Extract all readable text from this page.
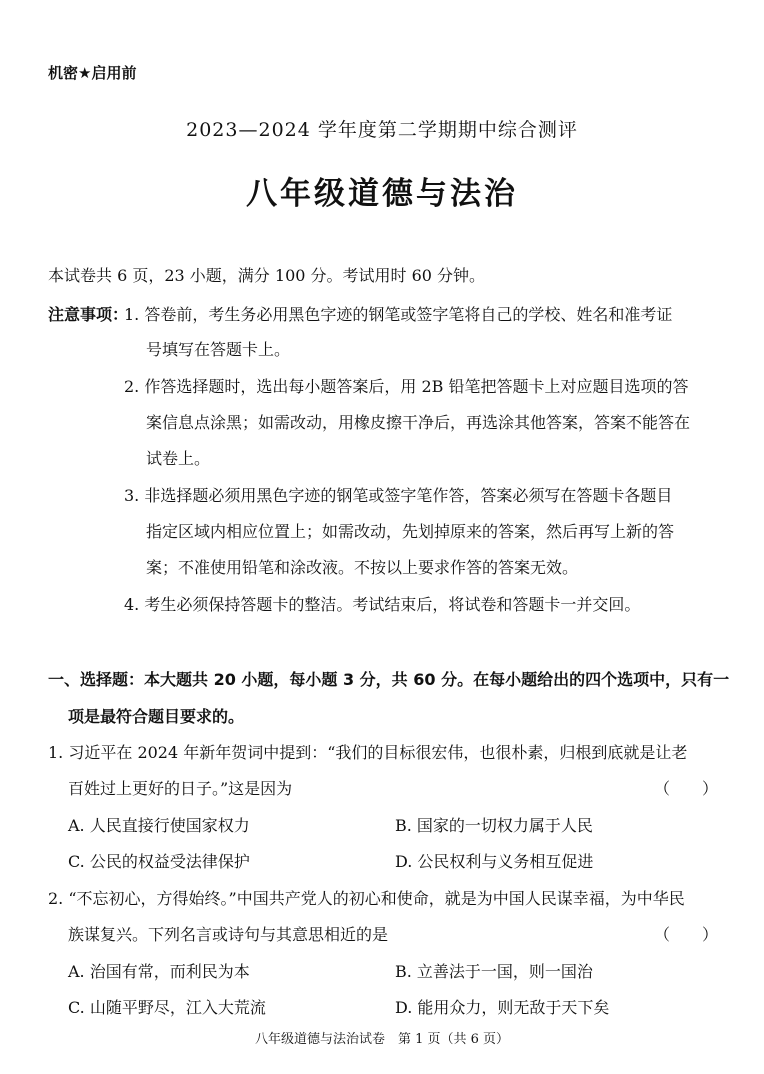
机密★启用前
2023—2024 学年度第二学期期中综合测评
八年级道德与法治
本试卷共 6 页，23 小题，满分 100 分。考试用时 60 分钟。
注意事项：
1. 答卷前，考生务必用黑色字迹的钢笔或签字笔将自己的学校、姓名和准考证
号填写在答题卡上。
2. 作答选择题时，选出每小题答案后，用 2B 铅笔把答题卡上对应题目选项的答
案信息点涂黑；如需改动，用橡皮擦干净后，再选涂其他答案，答案不能答在
试卷上。
3. 非选择题必须用黑色字迹的钢笔或签字笔作答，答案必须写在答题卡各题目
指定区域内相应位置上；如需改动，先划掉原来的答案，然后再写上新的答
案；不准使用铅笔和涂改液。不按以上要求作答的答案无效。
4. 考生必须保持答题卡的整洁。考试结束后，将试卷和答题卡一并交回。
一、选择题：本大题共 20 小题，每小题 3 分，共 60 分。在每小题给出的四个选项中，只有一
项是最符合题目要求的。
1. 习近平在 2024 年新年贺词中提到：“我们的目标很宏伟，也很朴素，归根到底就是让老
百姓过上更好的日子。”这是因为	（　　）
A. 人民直接行使国家权力	B. 国家的一切权力属于人民
C. 公民的权益受法律保护	D. 公民权利与义务相互促进
2. “不忘初心，方得始终。”中国共产党人的初心和使命，就是为中国人民谋幸福，为中华民
族谋复兴。下列名言或诗句与其意思相近的是	（　　）
A. 治国有常，而利民为本	B. 立善法于一国，则一国治
C. 山随平野尽，江入大荒流	D. 能用众力，则无敌于天下矣
八年级道德与法治试卷　第 1 页（共 6 页）
